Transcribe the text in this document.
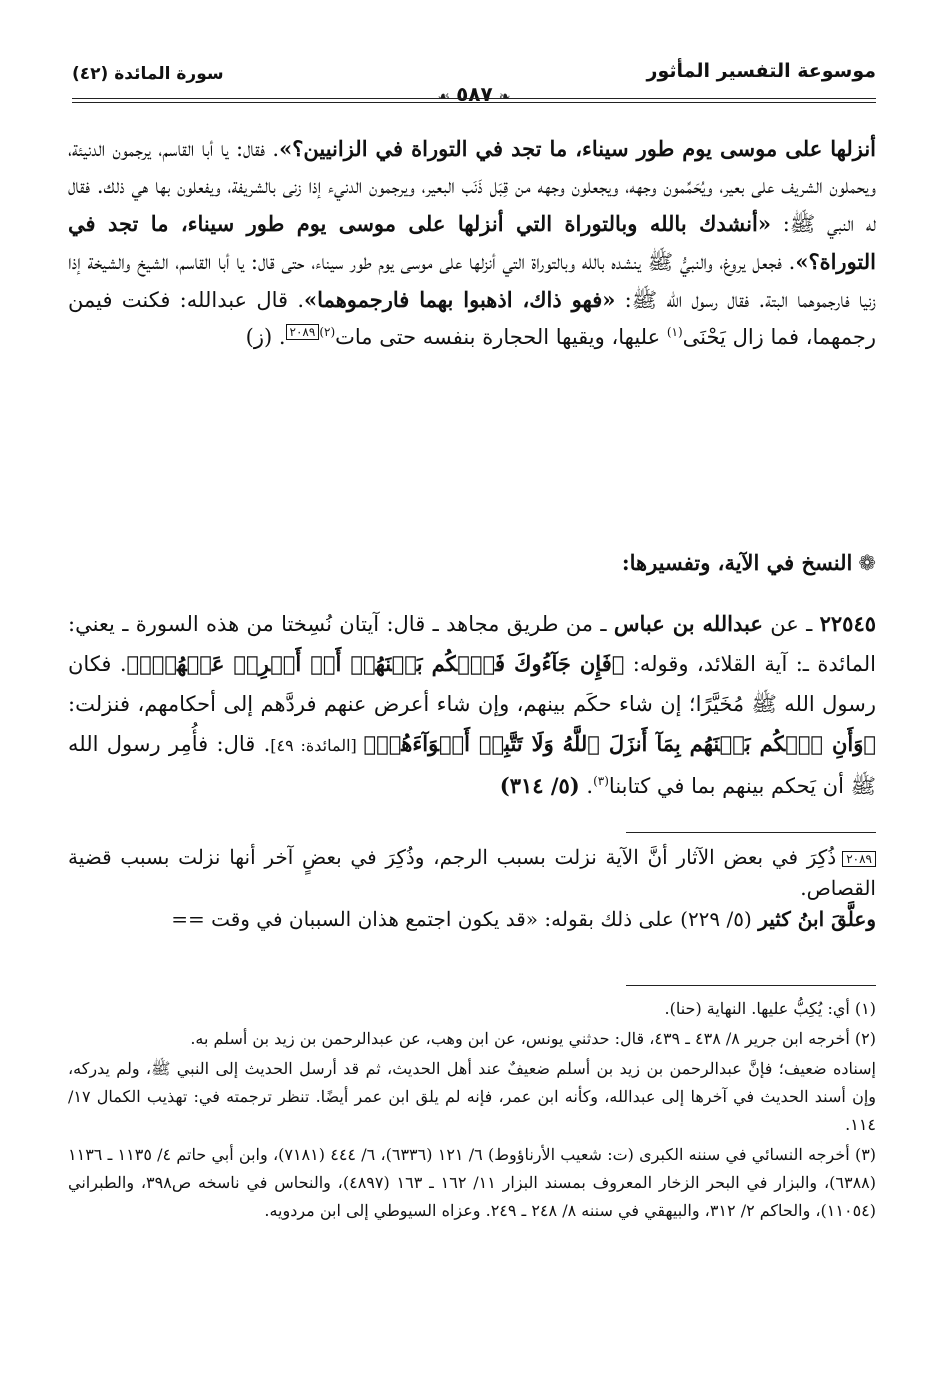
موسوعة التفسير المأثور
❧٥٨٧☙
سورة المائدة (٤٢)

أنزلها على موسى يوم طور سيناء، ما تجد في التوراة في الزانيين؟». فقال: يا أبا القاسم، يرجمون الدنيئة، ويحملون الشريف على بعير، ويُحَمِّمون وجهه، ويجعلون وجهه من قِبَل ذَنَب البعير، ويرجمون الدنيء إذا زنى بالشريفة، ويفعلون بها هي ذلك. فقال له النبي ﷺ: «أنشدك بالله وبالتوراة التي أنزلها على موسى يوم طور سيناء، ما تجد في التوراة؟». فجعل يروغ، والنبيُّ ﷺ ينشده بالله وبالتوراة التي أنزلها على موسى يوم طور سيناء، حتى قال: يا أبا القاسم، الشيخ والشيخة إذا زنيا فارجموهما البتة. فقال رسول الله ﷺ: «فهو ذاك، اذهبوا بهما فارجموهما». قال عبدالله: فكنت فيمن رجمهما، فما زال يَحْنَى$^{(١)}$ عليها، ويقيها الحجارة بنفسه حتى مات$^{(٢)}$٢٠٨٩. (ز)

❁النسخ في الآية، وتفسيرها:

٢٢٥٤٥ ـ عن عبدالله بن عباس ـ من طريق مجاهد ـ قال: آيتان نُسِختا من هذه السورة ـ يعني: المائدة ـ: آية القلائد، وقوله: ﴿فَإِن جَآءُوكَ فَٱحۡكُم بَيۡنَهُمۡ أَوۡ أَعۡرِضۡ عَنۡهُمۡۖ﴾. فكان رسول الله ﷺ مُخَيَّرًا؛ إن شاء حكَم بينهم، وإن شاء أعرض عنهم فردَّهم إلى أحكامهم، فنزلت: ﴿وَأَنِ ٱحۡكُم بَيۡنَهُم بِمَآ أَنزَلَ ٱللَّهُ وَلَا تَتَّبِعۡ أَهۡوَآءَهُمۡ﴾ [المائدة: ٤٩]. قال: فأُمِر رسول الله ﷺ أن يَحكم بينهم بما في كتابنا$^{(٣)}$. (٥/ ٣١٤)

٢٠٨٩ذُكِرَ في بعض الآثار أنَّ الآية نزلت بسبب الرجم، وذُكِرَ في بعضٍ آخر أنها نزلت بسبب قضية القصاص.

وعلَّقَ ابنُ كثير (٥/ ٢٢٩) على ذلك بقوله: «قد يكون اجتمع هذان السببان في وقت ==

(١) أي: يُكِبُّ عليها. النهاية (حنا).

(٢) أخرجه ابن جرير ٨/ ٤٣٨ ـ ٤٣٩، قال: حدثني يونس، عن ابن وهب، عن عبدالرحمن بن زيد بن أسلم به.

إسناده ضعيف؛ فإنَّ عبدالرحمن بن زيد بن أسلم ضعيفٌ عند أهل الحديث، ثم قد أرسل الحديث إلى النبي ﷺ، ولم يدركه، وإن أسند الحديث في آخرها إلى عبدالله، وكأنه ابن عمر، فإنه لم يلق ابن عمر أيضًا. تنظر ترجمته في: تهذيب الكمال ١٧/ ١١٤.

(٣) أخرجه النسائي في سننه الكبرى (ت: شعيب الأرناؤوط) ٦/ ١٢١ (٦٣٣٦)، ٦/ ٤٤٤ (٧١٨١)، وابن أبي حاتم ٤/ ١١٣٥ ـ ١١٣٦ (٦٣٨٨)، والبزار في البحر الزخار المعروف بمسند البزار ١١/ ١٦٢ ـ ١٦٣ (٤٨٩٧)، والنحاس في ناسخه ص٣٩٨، والطبراني (١١٠٥٤)، والحاكم ٢/ ٣١٢، والبيهقي في سننه ٨/ ٢٤٨ ـ ٢٤٩. وعزاه السيوطي إلى ابن مردويه.
